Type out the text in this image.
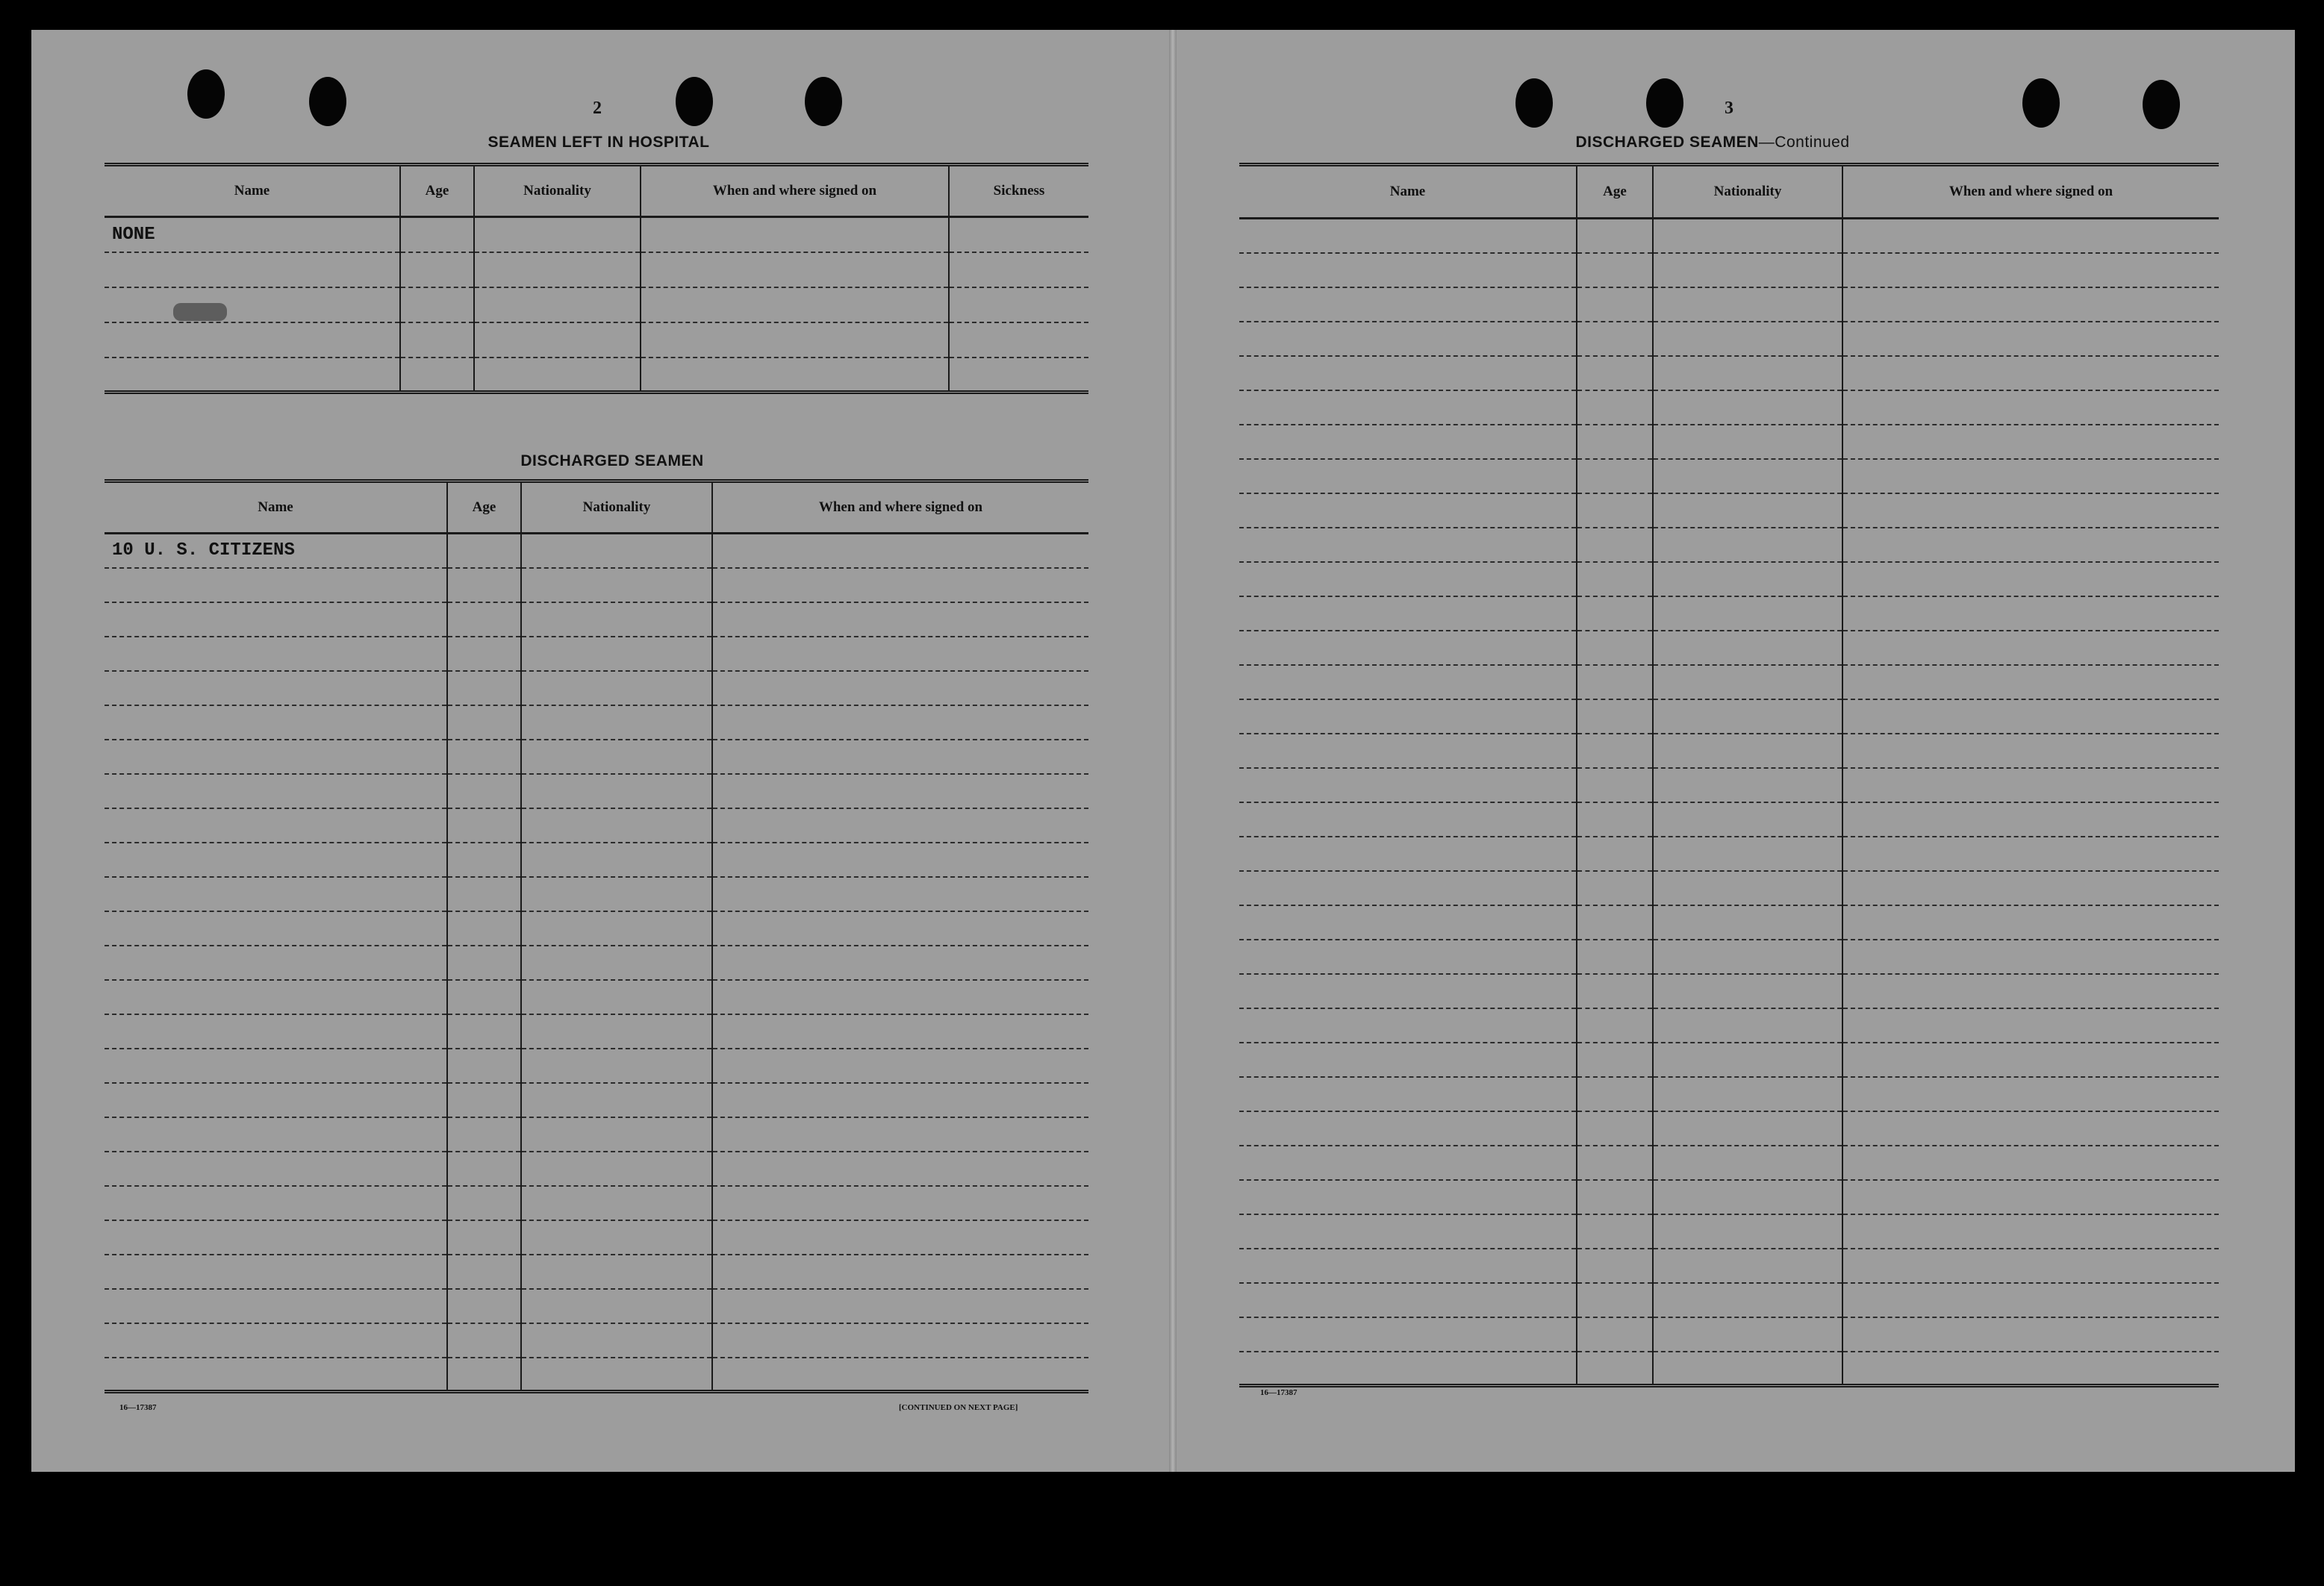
2
SEAMEN LEFT IN HOSPITAL
Name	Age	Nationality	When and where signed on	Sickness
NONE				

DISCHARGED SEAMEN
Name	Age	Nationality	When and where signed on
10 U. S. CITIZENS			

16—17387	[CONTINUED ON NEXT PAGE]
3
DISCHARGED SEAMEN—Continued
Name	Age	Nationality	When and where signed on

16—17387
